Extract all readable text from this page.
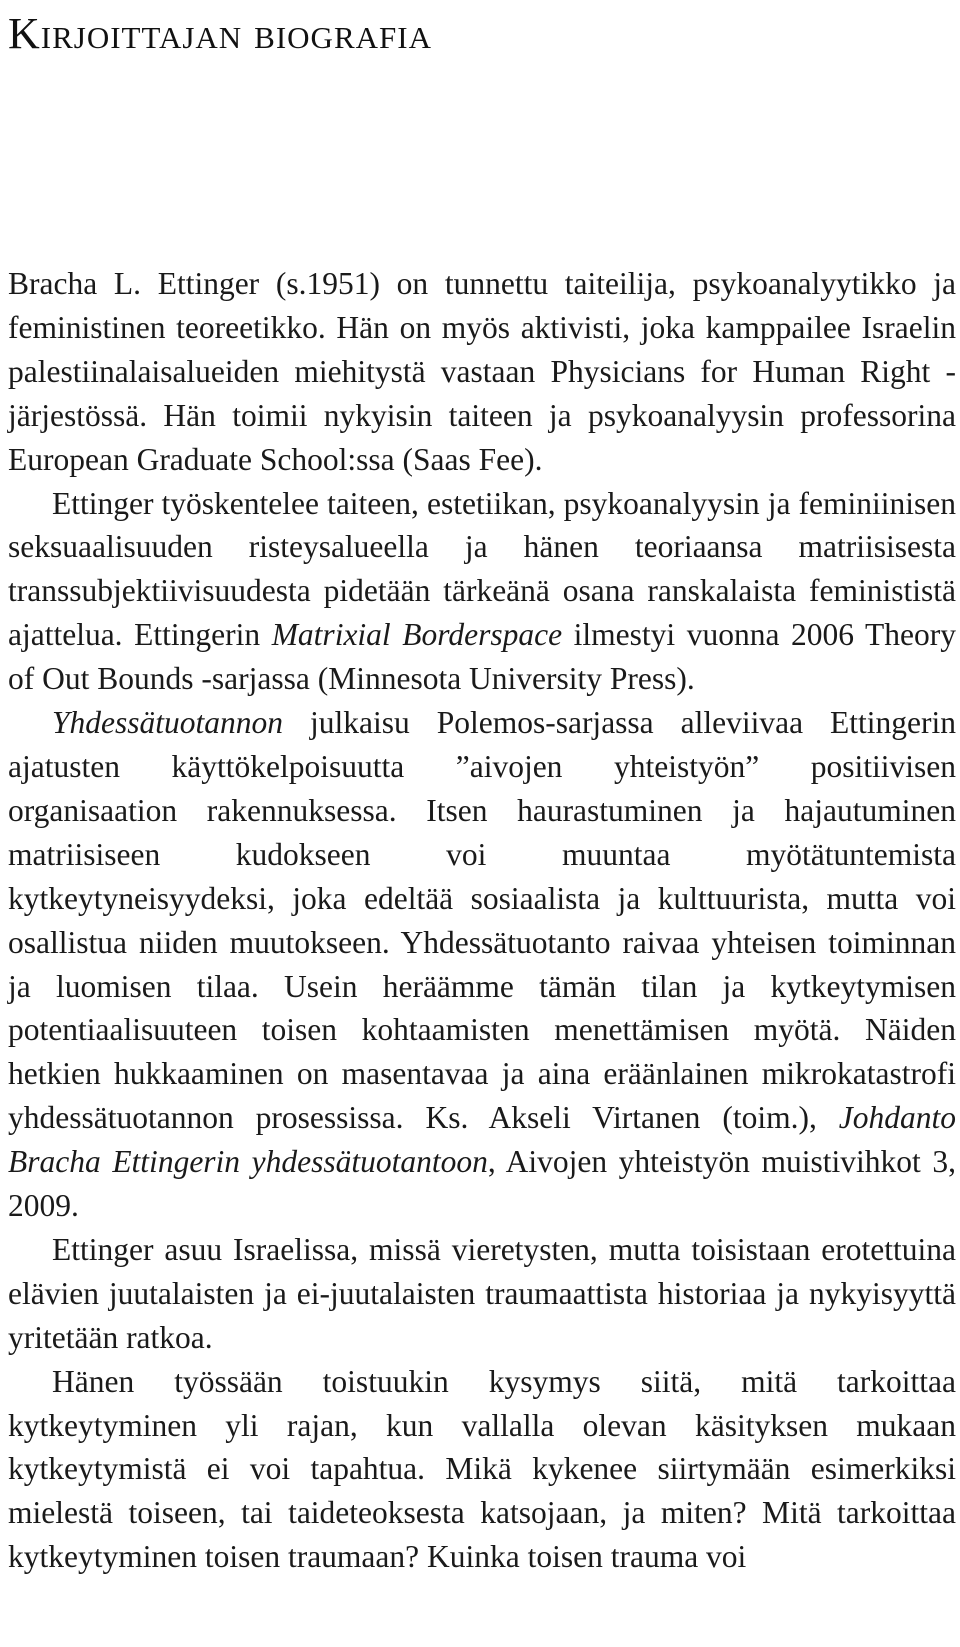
Kirjoittajan biografia

Bracha L. Ettinger (s.1951) on tunnettu taiteilija, psykoanalyytikko ja feministinen teoreetikko. Hän on myös aktivisti, joka kamppailee Israelin palestiinalaisalueiden miehitystä vastaan Physicians for Human Right -järjestössä. Hän toimii nykyisin taiteen ja psykoanalyysin professorina European Graduate School:ssa (Saas Fee).

Ettinger työskentelee taiteen, estetiikan, psykoanalyysin ja feminiinisen seksuaalisuuden risteysalueella ja hänen teoriaansa matriisisesta transsubjektiivisuudesta pidetään tärkeänä osana ranskalaista feminististä ajattelua. Ettingerin Matrixial Borderspace ilmestyi vuonna 2006 Theory of Out Bounds -sarjassa (Minnesota University Press).

Yhdessätuotannon julkaisu Polemos-sarjassa alleviivaa Ettingerin ajatusten käyttökelpoisuutta ”aivojen yhteistyön” positiivisen organisaation rakennuksessa. Itsen haurastuminen ja hajautuminen matriisiseen kudokseen voi muuntaa myötätuntemista kytkeytyneisyydeksi, joka edeltää sosiaalista ja kulttuurista, mutta voi osallistua niiden muutokseen. Yhdessätuotanto raivaa yhteisen toiminnan ja luomisen tilaa. Usein heräämme tämän tilan ja kytkeytymisen potentiaalisuuteen toisen kohtaamisten menettämisen myötä. Näiden hetkien hukkaaminen on masentavaa ja aina eräänlainen mikrokatastrofi yhdessätuotannon prosessissa. Ks. Akseli Virtanen (toim.), Johdanto Bracha Ettingerin yhdessätuotantoon, Aivojen yhteistyön muistivihkot 3, 2009.

Ettinger asuu Israelissa, missä vieretysten, mutta toisistaan erotettuina elävien juutalaisten ja ei-juutalaisten traumaattista historiaa ja nykyisyyttä yritetään ratkoa.

Hänen työssään toistuukin kysymys siitä, mitä tarkoittaa kytkeytyminen yli rajan, kun vallalla olevan käsityksen mukaan kytkeytymistä ei voi tapahtua. Mikä kykenee siirtymään esimerkiksi mielestä toiseen, tai taideteoksesta katsojaan, ja miten? Mitä tarkoittaa kytkeytyminen toisen traumaan? Kuinka toisen trauma voi
